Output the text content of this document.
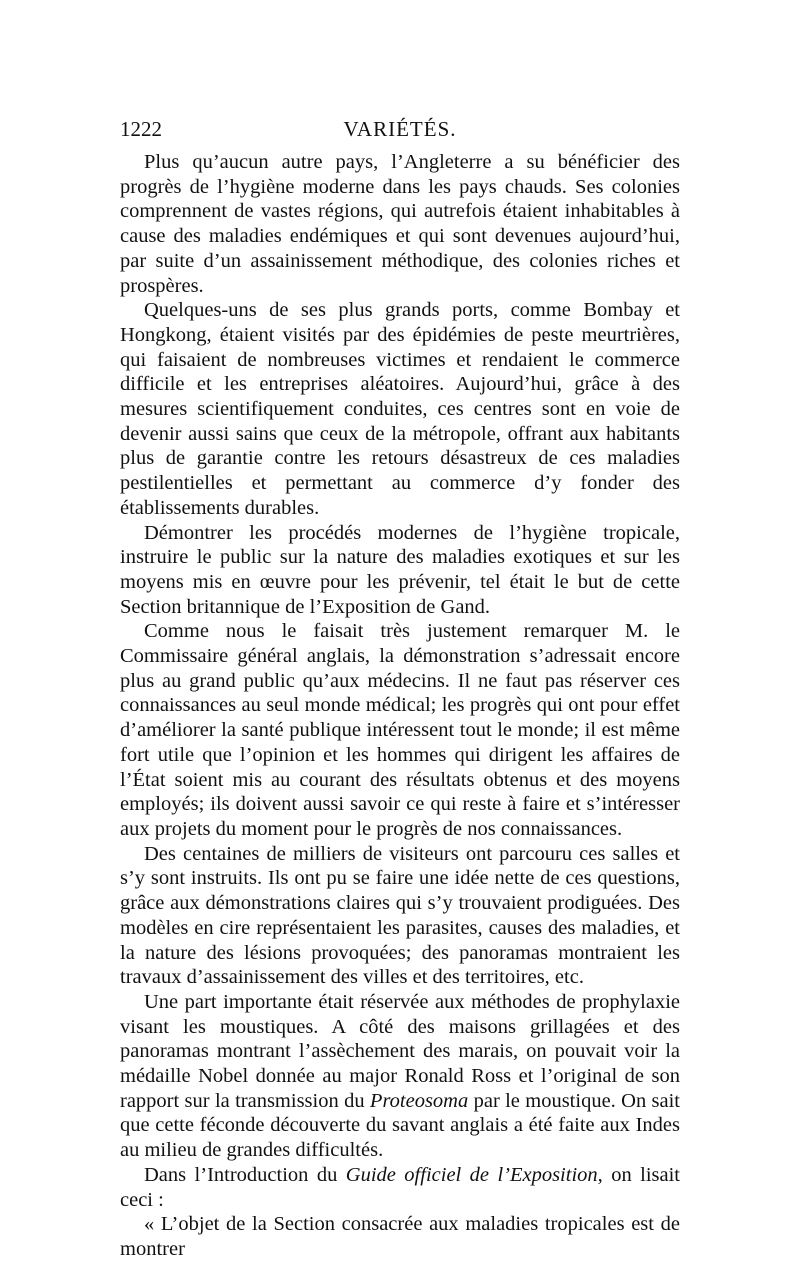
1222	VARIÉTÉS.

Plus qu’aucun autre pays, l’Angleterre a su bénéficier des progrès de l’hygiène moderne dans les pays chauds. Ses colonies comprennent de vastes régions, qui autrefois étaient inhabitables à cause des maladies endémiques et qui sont devenues aujourd’hui, par suite d’un assainissement méthodique, des colonies riches et prospères.

Quelques-uns de ses plus grands ports, comme Bombay et Hongkong, étaient visités par des épidémies de peste meurtrières, qui faisaient de nombreuses victimes et rendaient le commerce difficile et les entreprises aléatoires. Aujourd’hui, grâce à des mesures scientifiquement conduites, ces centres sont en voie de devenir aussi sains que ceux de la métropole, offrant aux habitants plus de garantie contre les retours désastreux de ces maladies pestilentielles et permettant au commerce d’y fonder des établissements durables.

Démontrer les procédés modernes de l’hygiène tropicale, instruire le public sur la nature des maladies exotiques et sur les moyens mis en œuvre pour les prévenir, tel était le but de cette Section britannique de l’Exposition de Gand.

Comme nous le faisait très justement remarquer M. le Commissaire général anglais, la démonstration s’adressait encore plus au grand public qu’aux médecins. Il ne faut pas réserver ces connaissances au seul monde médical; les progrès qui ont pour effet d’améliorer la santé publique intéressent tout le monde; il est même fort utile que l’opinion et les hommes qui dirigent les affaires de l’État soient mis au courant des résultats obtenus et des moyens employés; ils doivent aussi savoir ce qui reste à faire et s’intéresser aux projets du moment pour le progrès de nos connaissances.

Des centaines de milliers de visiteurs ont parcouru ces salles et s’y sont instruits. Ils ont pu se faire une idée nette de ces questions, grâce aux démonstrations claires qui s’y trouvaient prodiguées. Des modèles en cire représentaient les parasites, causes des maladies, et la nature des lésions provoquées; des panoramas montraient les travaux d’assainissement des villes et des territoires, etc.

Une part importante était réservée aux méthodes de prophylaxie visant les moustiques. A côté des maisons grillagées et des panoramas montrant l’assèchement des marais, on pouvait voir la médaille Nobel donnée au major Ronald Ross et l’original de son rapport sur la transmission du Proteosoma par le moustique. On sait que cette féconde découverte du savant anglais a été faite aux Indes au milieu de grandes difficultés.

Dans l’Introduction du Guide officiel de l’Exposition, on lisait ceci :

« L’objet de la Section consacrée aux maladies tropicales est de montrer
